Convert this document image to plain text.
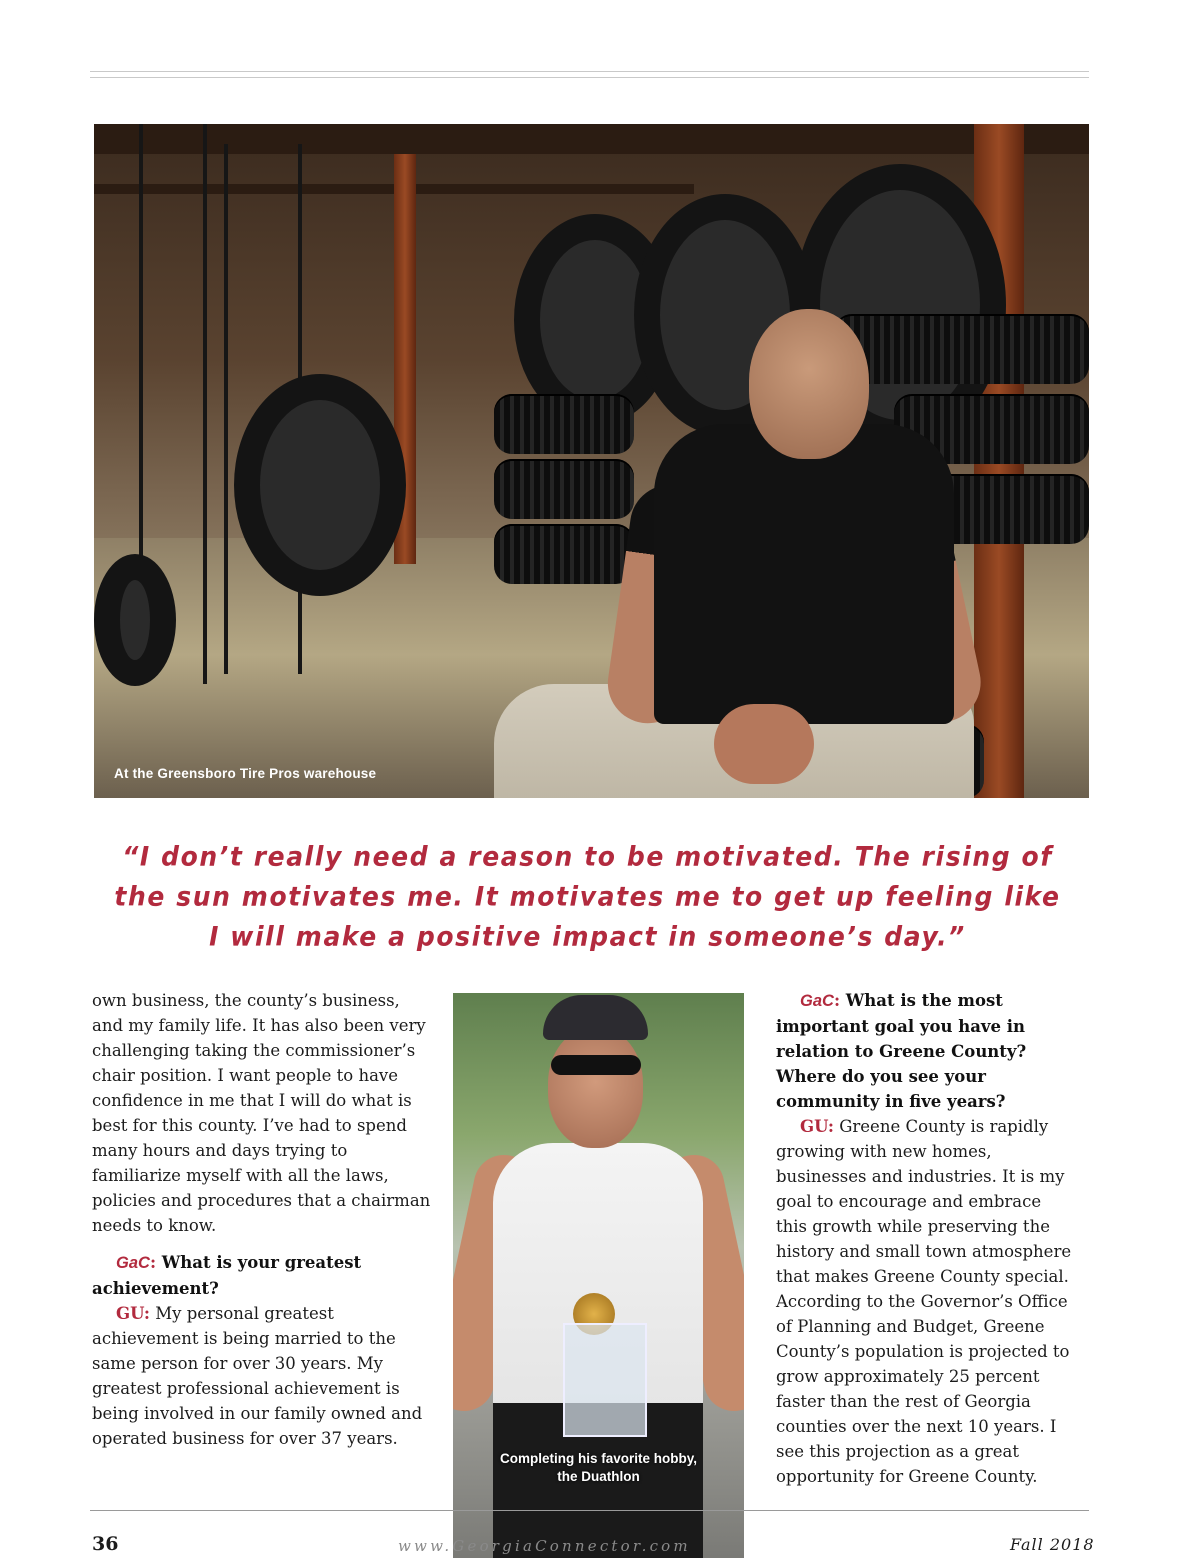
At the Greensboro Tire Pros warehouse
“I don’t really need a reason to be motivated. The rising of
the sun motivates me. It motivates me to get up feeling like
I will make a positive impact in someone’s day.”

own business, the county’s business, and my family life. It has also been very challenging taking the commissioner’s chair position. I want people to have confidence in me that I will do what is best for this county. I’ve had to spend many hours and days trying to familiarize myself with all the laws, policies and procedures that a chairman needs to know.

GaC: What is your greatest achievement?

GU: My personal greatest achievement is being married to the same person for over 30 years. My greatest professional achievement is being involved in our family owned and operated business for over 37 years.

Completing his favorite hobby,
the Duathlon

GaC: What is the most important goal you have in relation to Greene County? Where do you see your community in five years?

GU: Greene County is rapidly growing with new homes, businesses and industries. It is my goal to encourage and embrace this growth while preserving the history and small town atmosphere that makes Greene County special. According to the Governor’s Office of Planning and Budget, Greene County’s population is projected to grow approximately 25 percent faster than the rest of Georgia counties over the next 10 years. I see this projection as a great opportunity for Greene County.

36	www.GeorgiaConnector.com	Fall 2018
